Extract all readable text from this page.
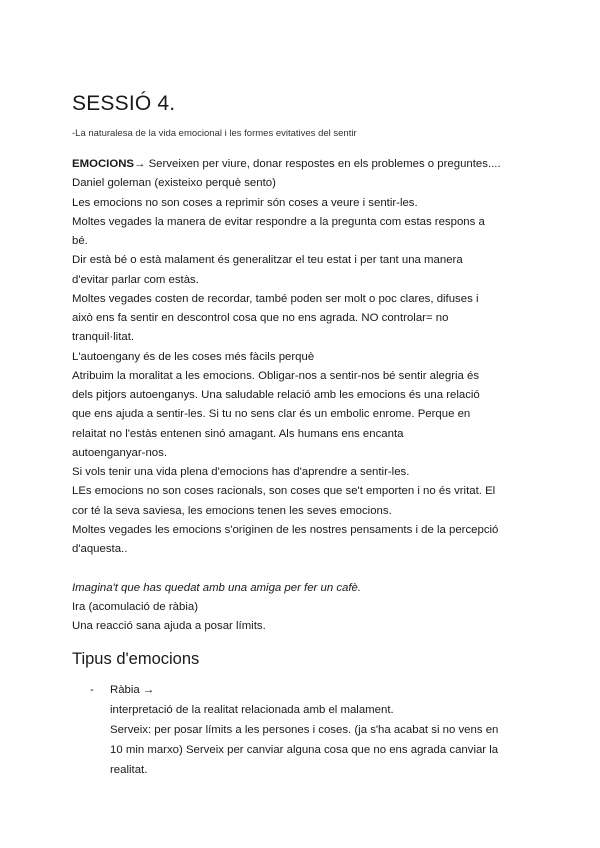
SESSIÓ 4.
-La naturalesa de la vida emocional i les formes evitatives del sentir
EMOCIONS→ Serveixen per viure, donar respostes en els problemes o preguntes....
Daniel goleman (existeixo perquè sento)
Les emocions no son coses a reprimir són coses a veure i sentir-les.
Moltes vegades la manera de evitar respondre a la pregunta com estas respons a
bé.
Dir està bé o està malament és generalitzar el teu estat i per tant una manera
d'evitar parlar com estàs.
Moltes vegades costen de recordar, també poden ser molt o poc clares, difuses i
això ens fa sentir en descontrol cosa que no ens agrada. NO controlar= no
tranquil·litat.
L'autoengany és de les coses més fàcils perquè
Atribuim la moralitat a les emocions. Obligar-nos a sentir-nos bé sentir alegria és
dels pitjors autoenganys. Una saludable relació amb les emocions és una relació
que ens ajuda a sentir-les. Si tu no sens clar és un embolic enrome. Perque en
relaitat no l'estàs entenen sinó amagant. Als humans ens encanta
autoenganyar-nos.
Si vols tenir una vida plena d'emocions has d'aprendre a sentir-les.
LEs emocions no son coses racionals, son coses que se't emporten i no és vritat. El
cor té la seva saviesa, les emocions tenen les seves emocions.
Moltes vegades les emocions s'originen de les nostres pensaments i de la percepció
d'aquesta..
Imagina't que has quedat amb una amiga per fer un cafè.
Ira (acomulació de ràbia)
Una reacció sana ajuda a posar límits.
Tipus d'emocions
- Ràbia →
interpretació de la realitat relacionada amb el malament.
Serveix: per posar límits a les persones i coses. (ja s'ha acabat si no vens en
10 min marxo) Serveix per canviar alguna cosa que no ens agrada canviar la
realitat.
